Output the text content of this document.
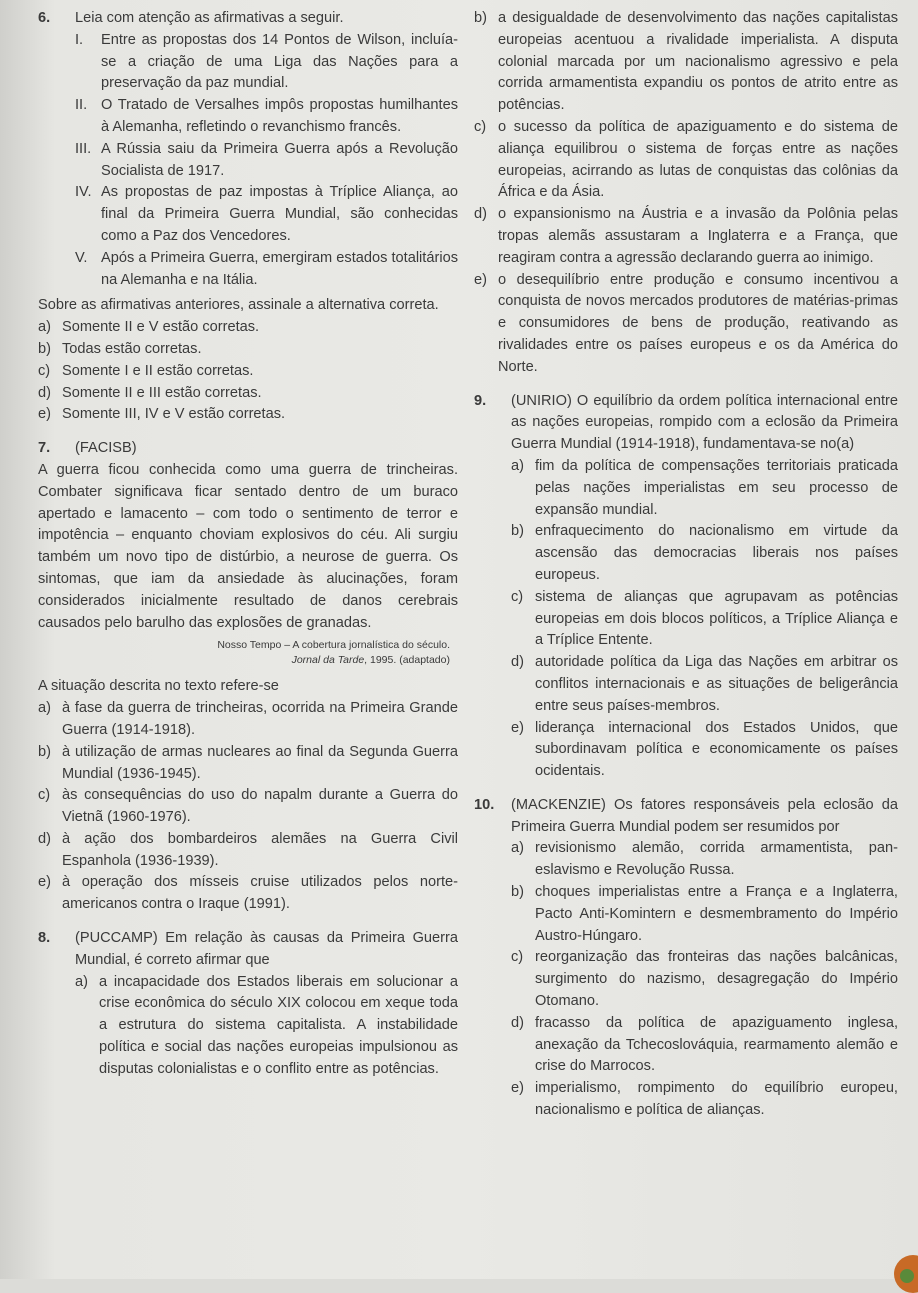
6.	Leia com atenção as afirmativas a seguir.

I.	Entre as propostas dos 14 Pontos de Wilson, incluía-se a criação de uma Liga das Nações para a preservação da paz mundial.
II. O Tratado de Versalhes impôs propostas humilhantes à Alemanha, refletindo o revanchismo francês.
III. A Rússia saiu da Primeira Guerra após a Revolução Socialista de 1917.
IV. As propostas de paz impostas à Tríplice Aliança, ao final da Primeira Guerra Mundial, são conhecidas como a Paz dos Vencedores.
V. Após a Primeira Guerra, emergiram estados totalitários na Alemanha e na Itália.

Sobre as afirmativas anteriores, assinale a alternativa correta.

a) Somente II e V estão corretas.
b) Todas estão corretas.
c) Somente I e II estão corretas.
d) Somente II e III estão corretas.
e) Somente III, IV e V estão corretas.
7.	(FACISB)

A guerra ficou conhecida como uma guerra de trincheiras. Combater significava ficar sentado dentro de um buraco apertado e lamacento – com todo o sentimento de terror e impotência – enquanto choviam explosivos do céu. Ali surgiu também um novo tipo de distúrbio, a neurose de guerra. Os sintomas, que iam da ansiedade às alucinações, foram considerados inicialmente resultado de danos cerebrais causados pelo barulho das explosões de granadas.

Nosso Tempo – A cobertura jornalística do século.
Jornal da Tarde, 1995. (adaptado)

A situação descrita no texto refere-se

a) à fase da guerra de trincheiras, ocorrida na Primeira Grande Guerra (1914-1918).
b) à utilização de armas nucleares ao final da Segunda Guerra Mundial (1936-1945).
c) às consequências do uso do napalm durante a Guerra do Vietnã (1960-1976).
d) à ação dos bombardeiros alemães na Guerra Civil Espanhola (1936-1939).
e) à operação dos mísseis cruise utilizados pelos norte-americanos contra o Iraque (1991).
8.	(PUCCAMP) Em relação às causas da Primeira Guerra Mundial, é correto afirmar que

a) a incapacidade dos Estados liberais em solucionar a crise econômica do século XIX colocou em xeque toda a estrutura do sistema capitalista. A instabilidade política e social das nações europeias impulsionou as disputas colonialistas e o conflito entre as potências.
b) a desigualdade de desenvolvimento das nações capitalistas europeias acentuou a rivalidade imperialista. A disputa colonial marcada por um nacionalismo agressivo e pela corrida armamentista expandiu os pontos de atrito entre as potências.
c) o sucesso da política de apaziguamento e do sistema de aliança equilibrou o sistema de forças entre as nações europeias, acirrando as lutas de conquistas das colônias da África e da Ásia.
d) o expansionismo na Áustria e a invasão da Polônia pelas tropas alemãs assustaram a Inglaterra e a França, que reagiram contra a agressão declarando guerra ao inimigo.
e) o desequilíbrio entre produção e consumo incentivou a conquista de novos mercados produtores de matérias-primas e consumidores de bens de produção, reativando as rivalidades entre os países europeus e os da América do Norte.
9.	(UNIRIO) O equilíbrio da ordem política internacional entre as nações europeias, rompido com a eclosão da Primeira Guerra Mundial (1914-1918), fundamentava-se no(a)

a) fim da política de compensações territoriais praticada pelas nações imperialistas em seu processo de expansão mundial.
b) enfraquecimento do nacionalismo em virtude da ascensão das democracias liberais nos países europeus.
c) sistema de alianças que agrupavam as potências europeias em dois blocos políticos, a Tríplice Aliança e a Tríplice Entente.
d) autoridade política da Liga das Nações em arbitrar os conflitos internacionais e as situações de beligerância entre seus países-membros.
e) liderança internacional dos Estados Unidos, que subordinavam política e economicamente os países ocidentais.
10.	(MACKENZIE) Os fatores responsáveis pela eclosão da Primeira Guerra Mundial podem ser resumidos por

a) revisionismo alemão, corrida armamentista, pan-eslavismo e Revolução Russa.
b) choques imperialistas entre a França e a Inglaterra, Pacto Anti-Komintern e desmembramento do Império Austro-Húngaro.
c) reorganização das fronteiras das nações balcânicas, surgimento do nazismo, desagregação do Império Otomano.
d) fracasso da política de apaziguamento inglesa, anexação da Tchecoslováquia, rearmamento alemão e crise do Marrocos.
e) imperialismo, rompimento do equilíbrio europeu, nacionalismo e política de alianças.
